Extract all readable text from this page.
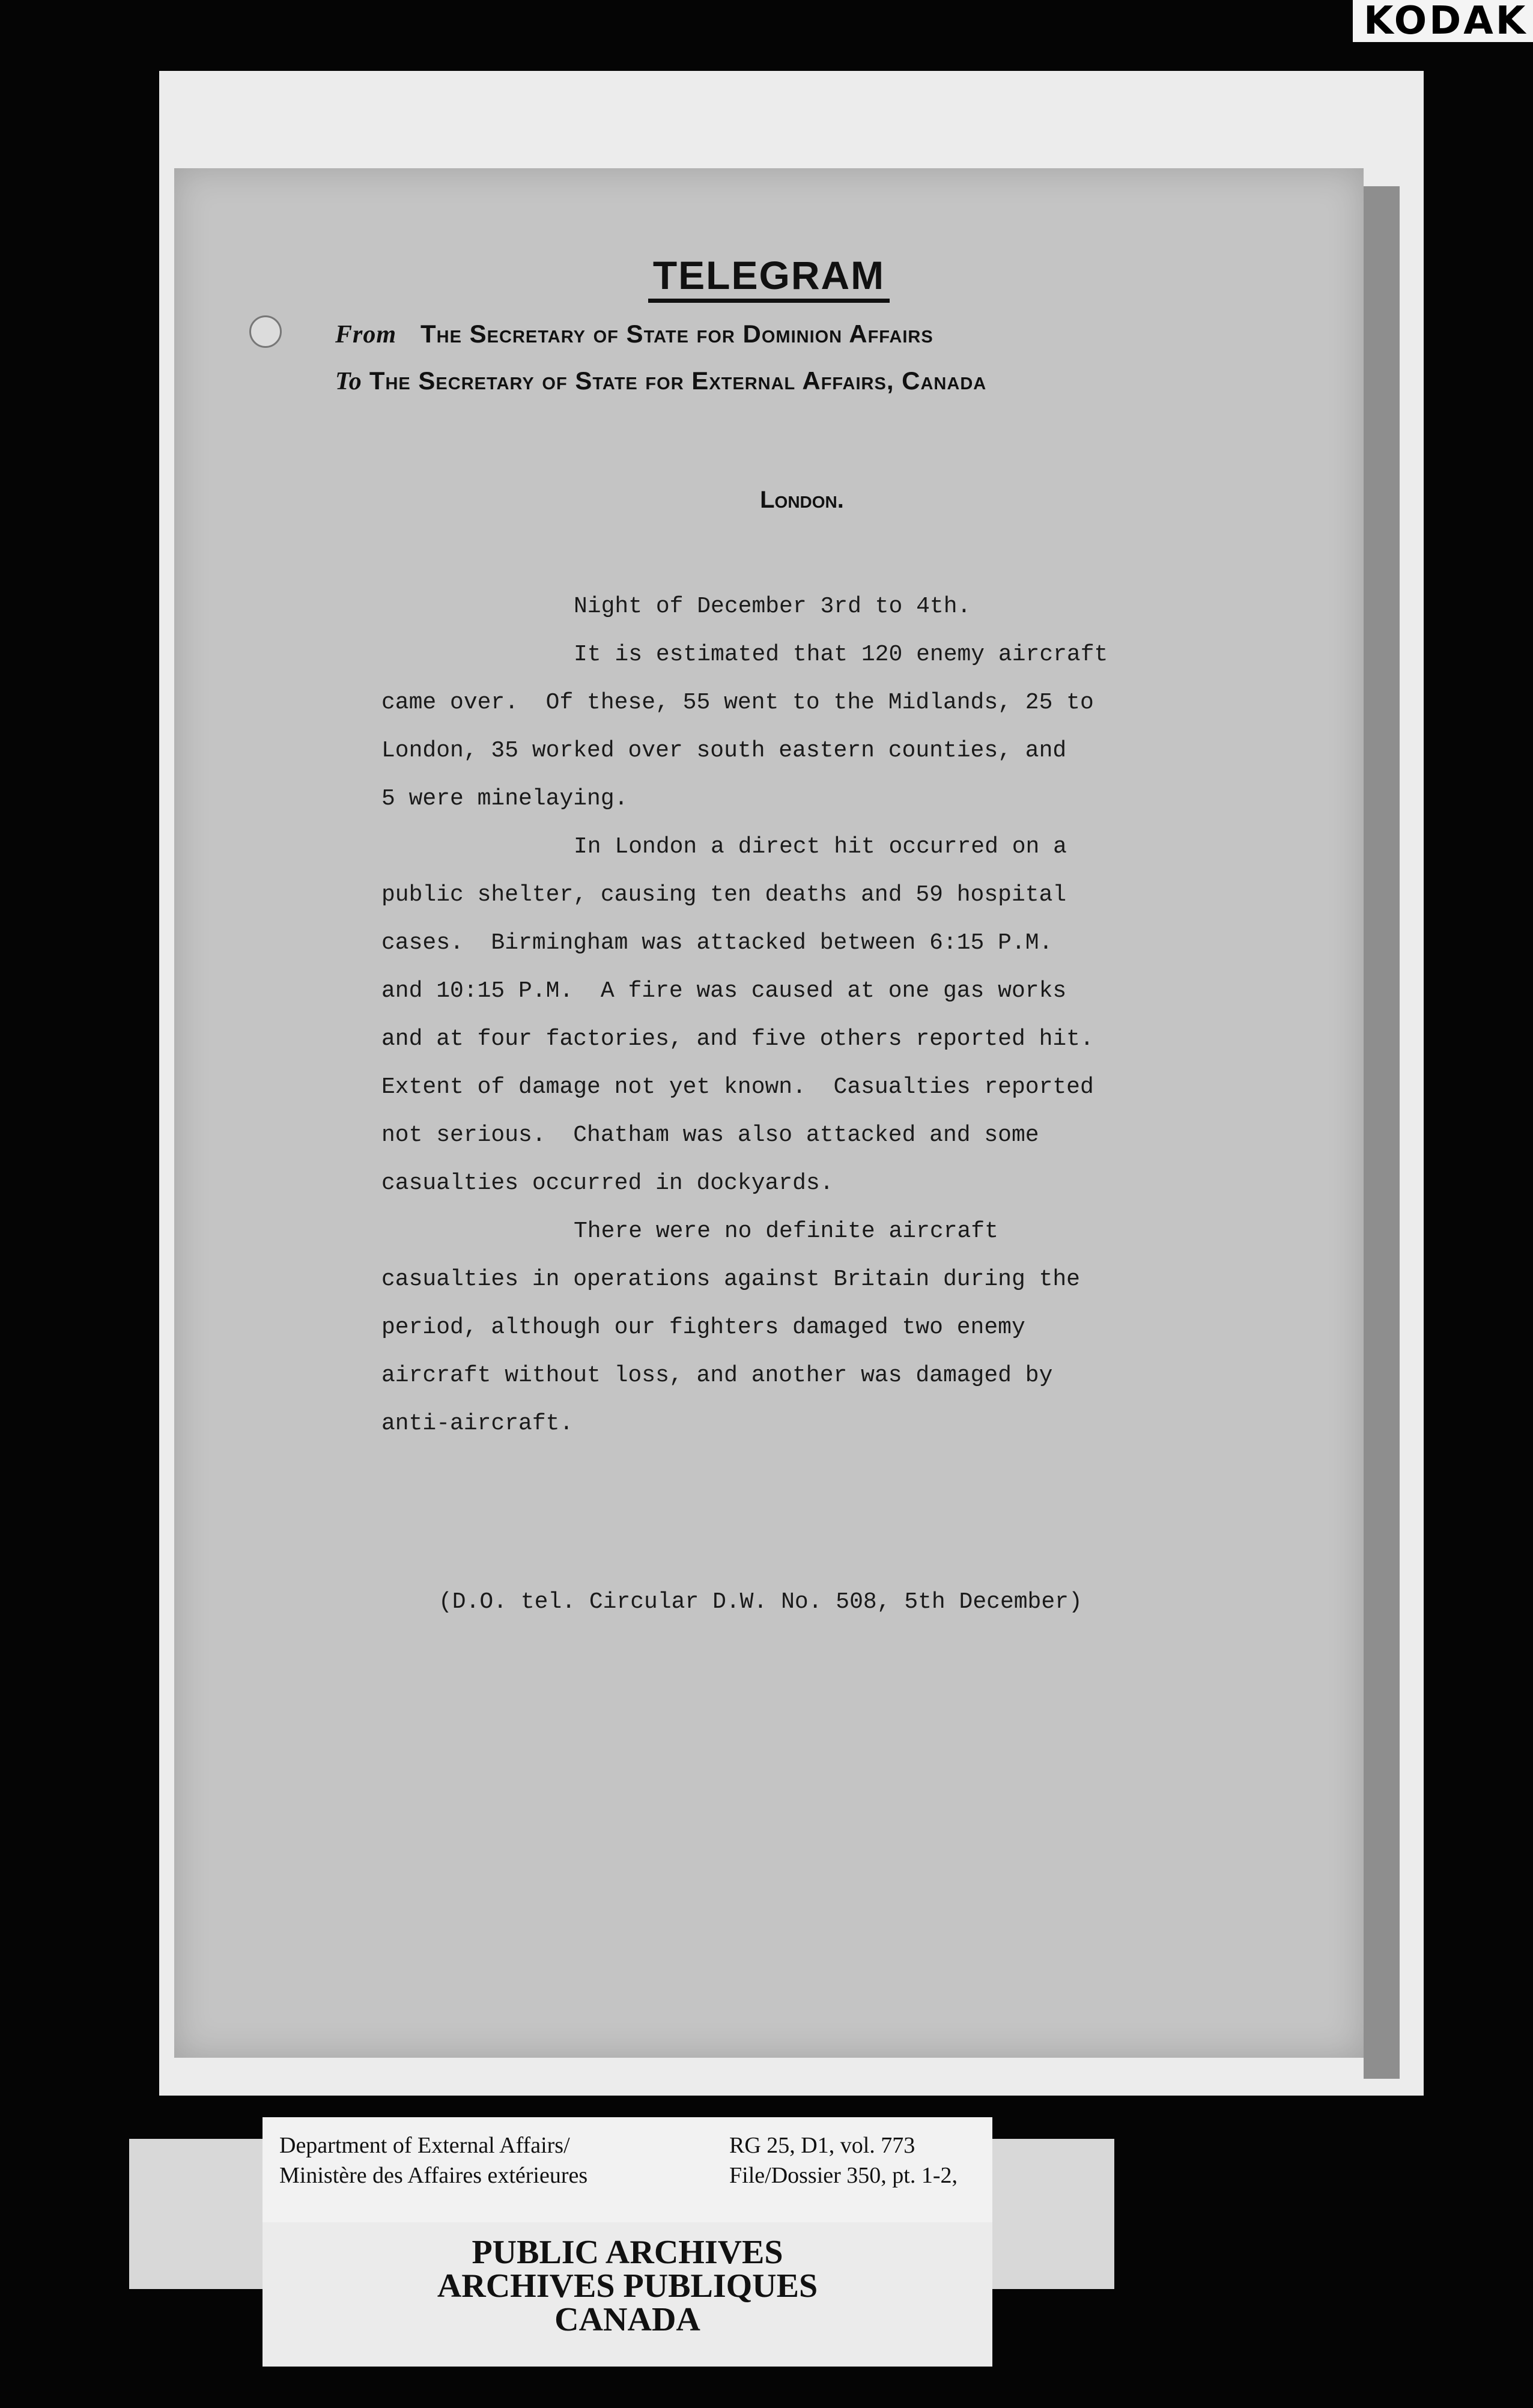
KODAK
TELEGRAM
From The Secretary of State for Dominion Affairs
To The Secretary of State for External Affairs, Canada
London.
Night of December 3rd to 4th.
It is estimated that 120 enemy aircraft
came over.  Of these, 55 went to the Midlands, 25 to
London, 35 worked over south eastern counties, and
5 were minelaying.
In London a direct hit occurred on a
public shelter, causing ten deaths and 59 hospital
cases.  Birmingham was attacked between 6:15 P.M.
and 10:15 P.M.  A fire was caused at one gas works
and at four factories, and five others reported hit.
Extent of damage not yet known.  Casualties reported
not serious.  Chatham was also attacked and some
casualties occurred in dockyards.
There were no definite aircraft
casualties in operations against Britain during the
period, although our fighters damaged two enemy
aircraft without loss, and another was damaged by
anti-aircraft.
(D.O. tel. Circular D.W. No. 508, 5th December)
Department of External Affairs/
Ministère des Affaires extérieures
RG 25, D1, vol. 773
File/Dossier 350, pt. 1-2,
PUBLIC ARCHIVES
ARCHIVES PUBLIQUES
CANADA
